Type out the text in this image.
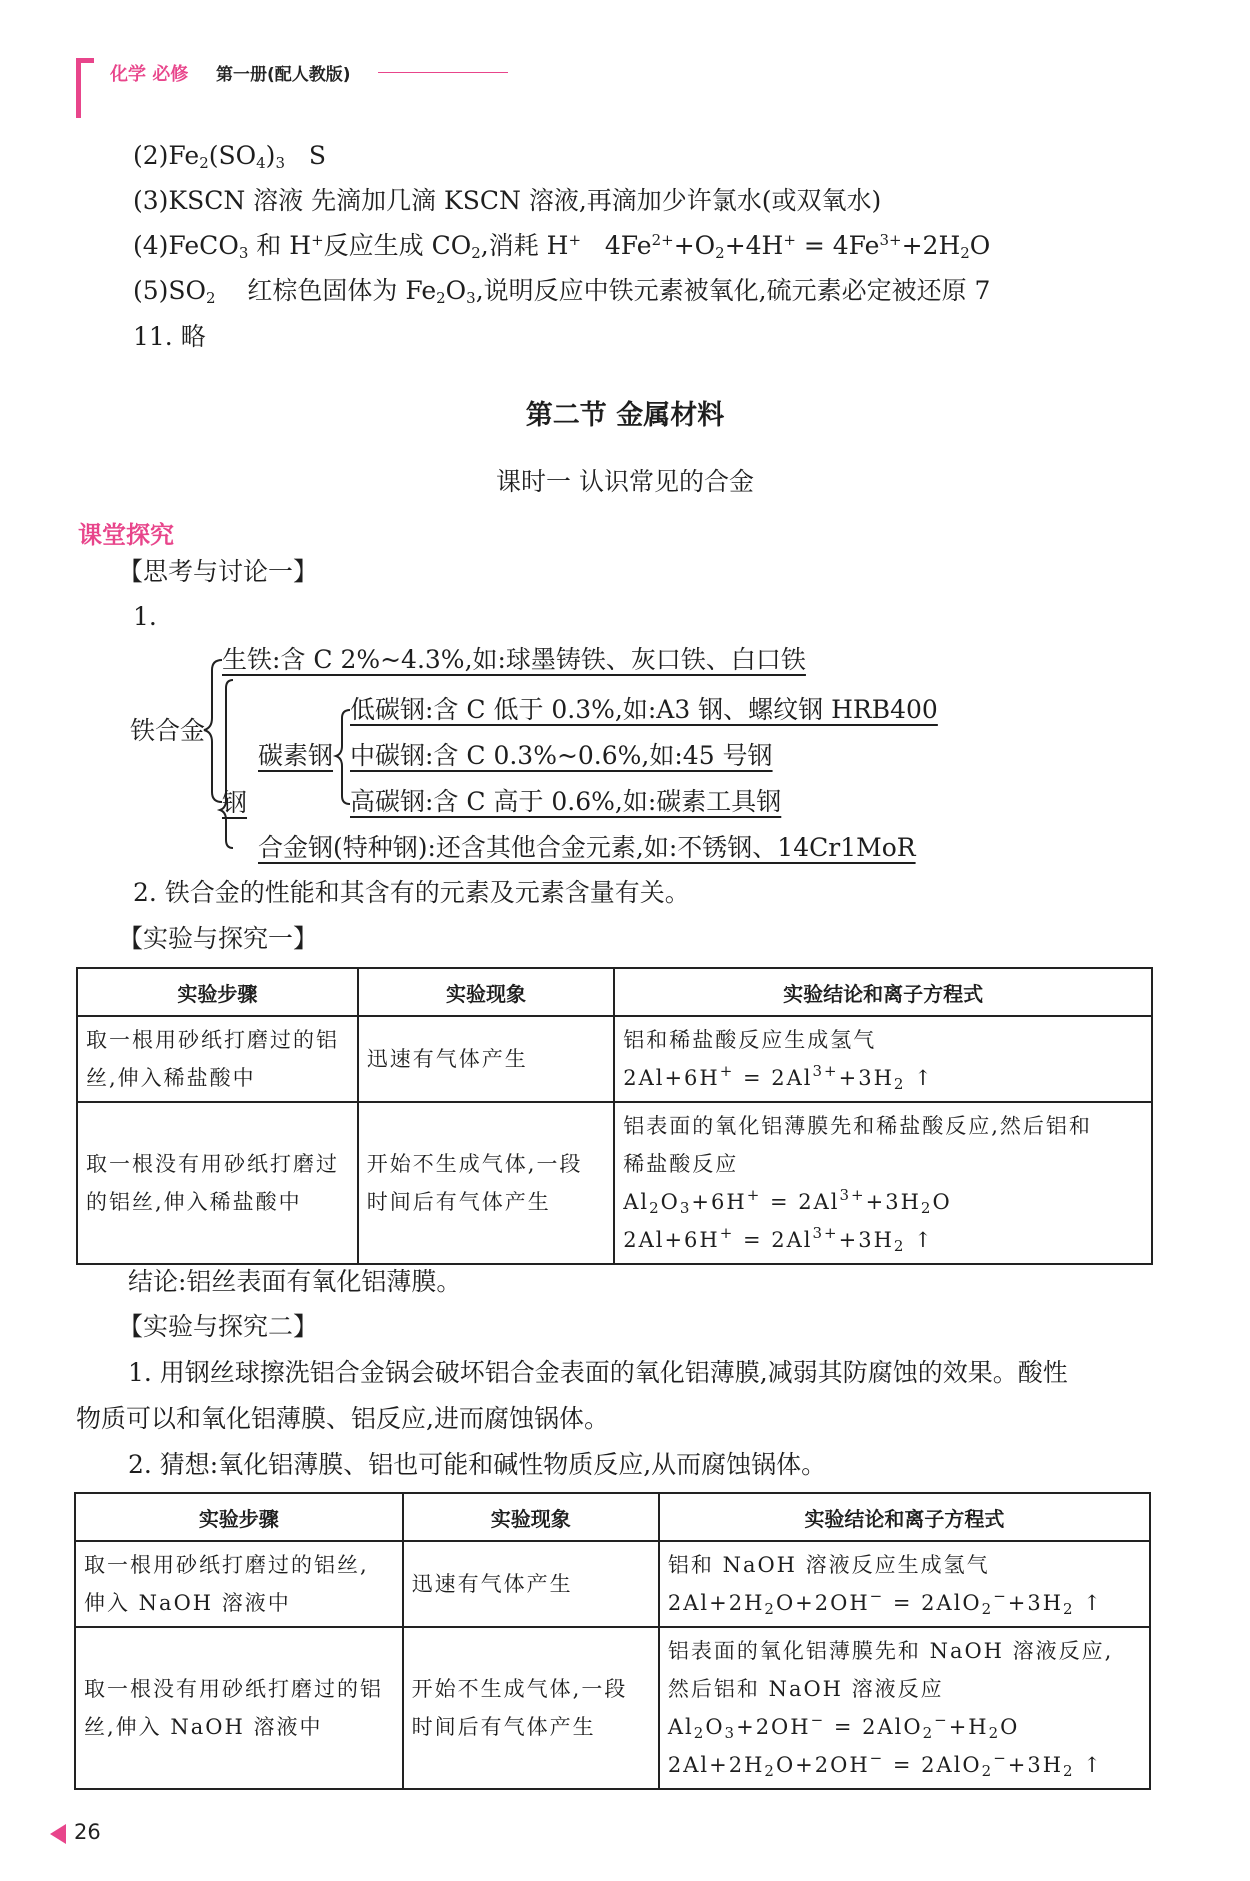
化学 必修 第一册(配人教版)
$(2)Fe_2(SO_4)_3$ S
(3)KSCN 溶液 先滴加几滴 KSCN 溶液,再滴加少许氯水(或双氧水)
(4)FeCO$_3$ 和 H+反应生成 $CO_2$,消耗 H+ $4Fe^{2+}+O_2+4H^+ = 4Fe^{3+}+2H_2O$
$(5)SO_2$ 红棕色固体为 $Fe_2O_3$,说明反应中铁元素被氧化,硫元素必定被还原 7
11. 略
第二节 金属材料
课时一 认识常见的合金
课堂探究
【思考与讨论一】
1.
铁合金
生铁:含 C 2%~4.3%,如:球墨铸铁、灰口铁、白口铁
钢
碳素钢
低碳钢:含 C 低于 0.3%,如:A3 钢、螺纹钢 HRB400
中碳钢:含 C 0.3%~0.6%,如:45 号钢
高碳钢:含 C 高于 0.6%,如:碳素工具钢
合金钢(特种钢):还含其他合金元素,如:不锈钢、14Cr1MoR
2. 铁合金的性能和其含有的元素及元素含量有关。
【实验与探究一】
实验步骤	实验现象	实验结论和离子方程式

取一根用砂纸打磨过的铝
丝,伸入稀盐酸中	迅速有气体产生	铝和稀盐酸反应生成氢气
$2Al+6H^+ = 2Al^{3+}+3H_2$ ↑

取一根没有用砂纸打磨过
的铝丝,伸入稀盐酸中	开始不生成气体,一段
时间后有气体产生	铝表面的氧化铝薄膜先和稀盐酸反应,然后铝和
稀盐酸反应
$Al_2O_3+6H^+ = 2Al^{3+}+3H_2O$
$2Al+6H^+ = 2Al^{3+}+3H_2$ ↑
结论:铝丝表面有氧化铝薄膜。
【实验与探究二】
1. 用钢丝球擦洗铝合金锅会破坏铝合金表面的氧化铝薄膜,减弱其防腐蚀的效果。酸性
物质可以和氧化铝薄膜、铝反应,进而腐蚀锅体。
2. 猜想:氧化铝薄膜、铝也可能和碱性物质反应,从而腐蚀锅体。
实验步骤	实验现象	实验结论和离子方程式

取一根用砂纸打磨过的铝丝,
伸入 NaOH 溶液中	迅速有气体产生	铝和 NaOH 溶液反应生成氢气
$2Al+2H_2O+2OH^- = 2AlO_2^-+3H_2$ ↑

取一根没有用砂纸打磨过的铝
丝,伸入 NaOH 溶液中	开始不生成气体,一段
时间后有气体产生	铝表面的氧化铝薄膜先和 NaOH 溶液反应,
然后铝和 NaOH 溶液反应
$Al_2O_3+2OH^- = 2AlO_2^-+H_2O$
$2Al+2H_2O+2OH^- = 2AlO_2^-+3H_2$ ↑
26
